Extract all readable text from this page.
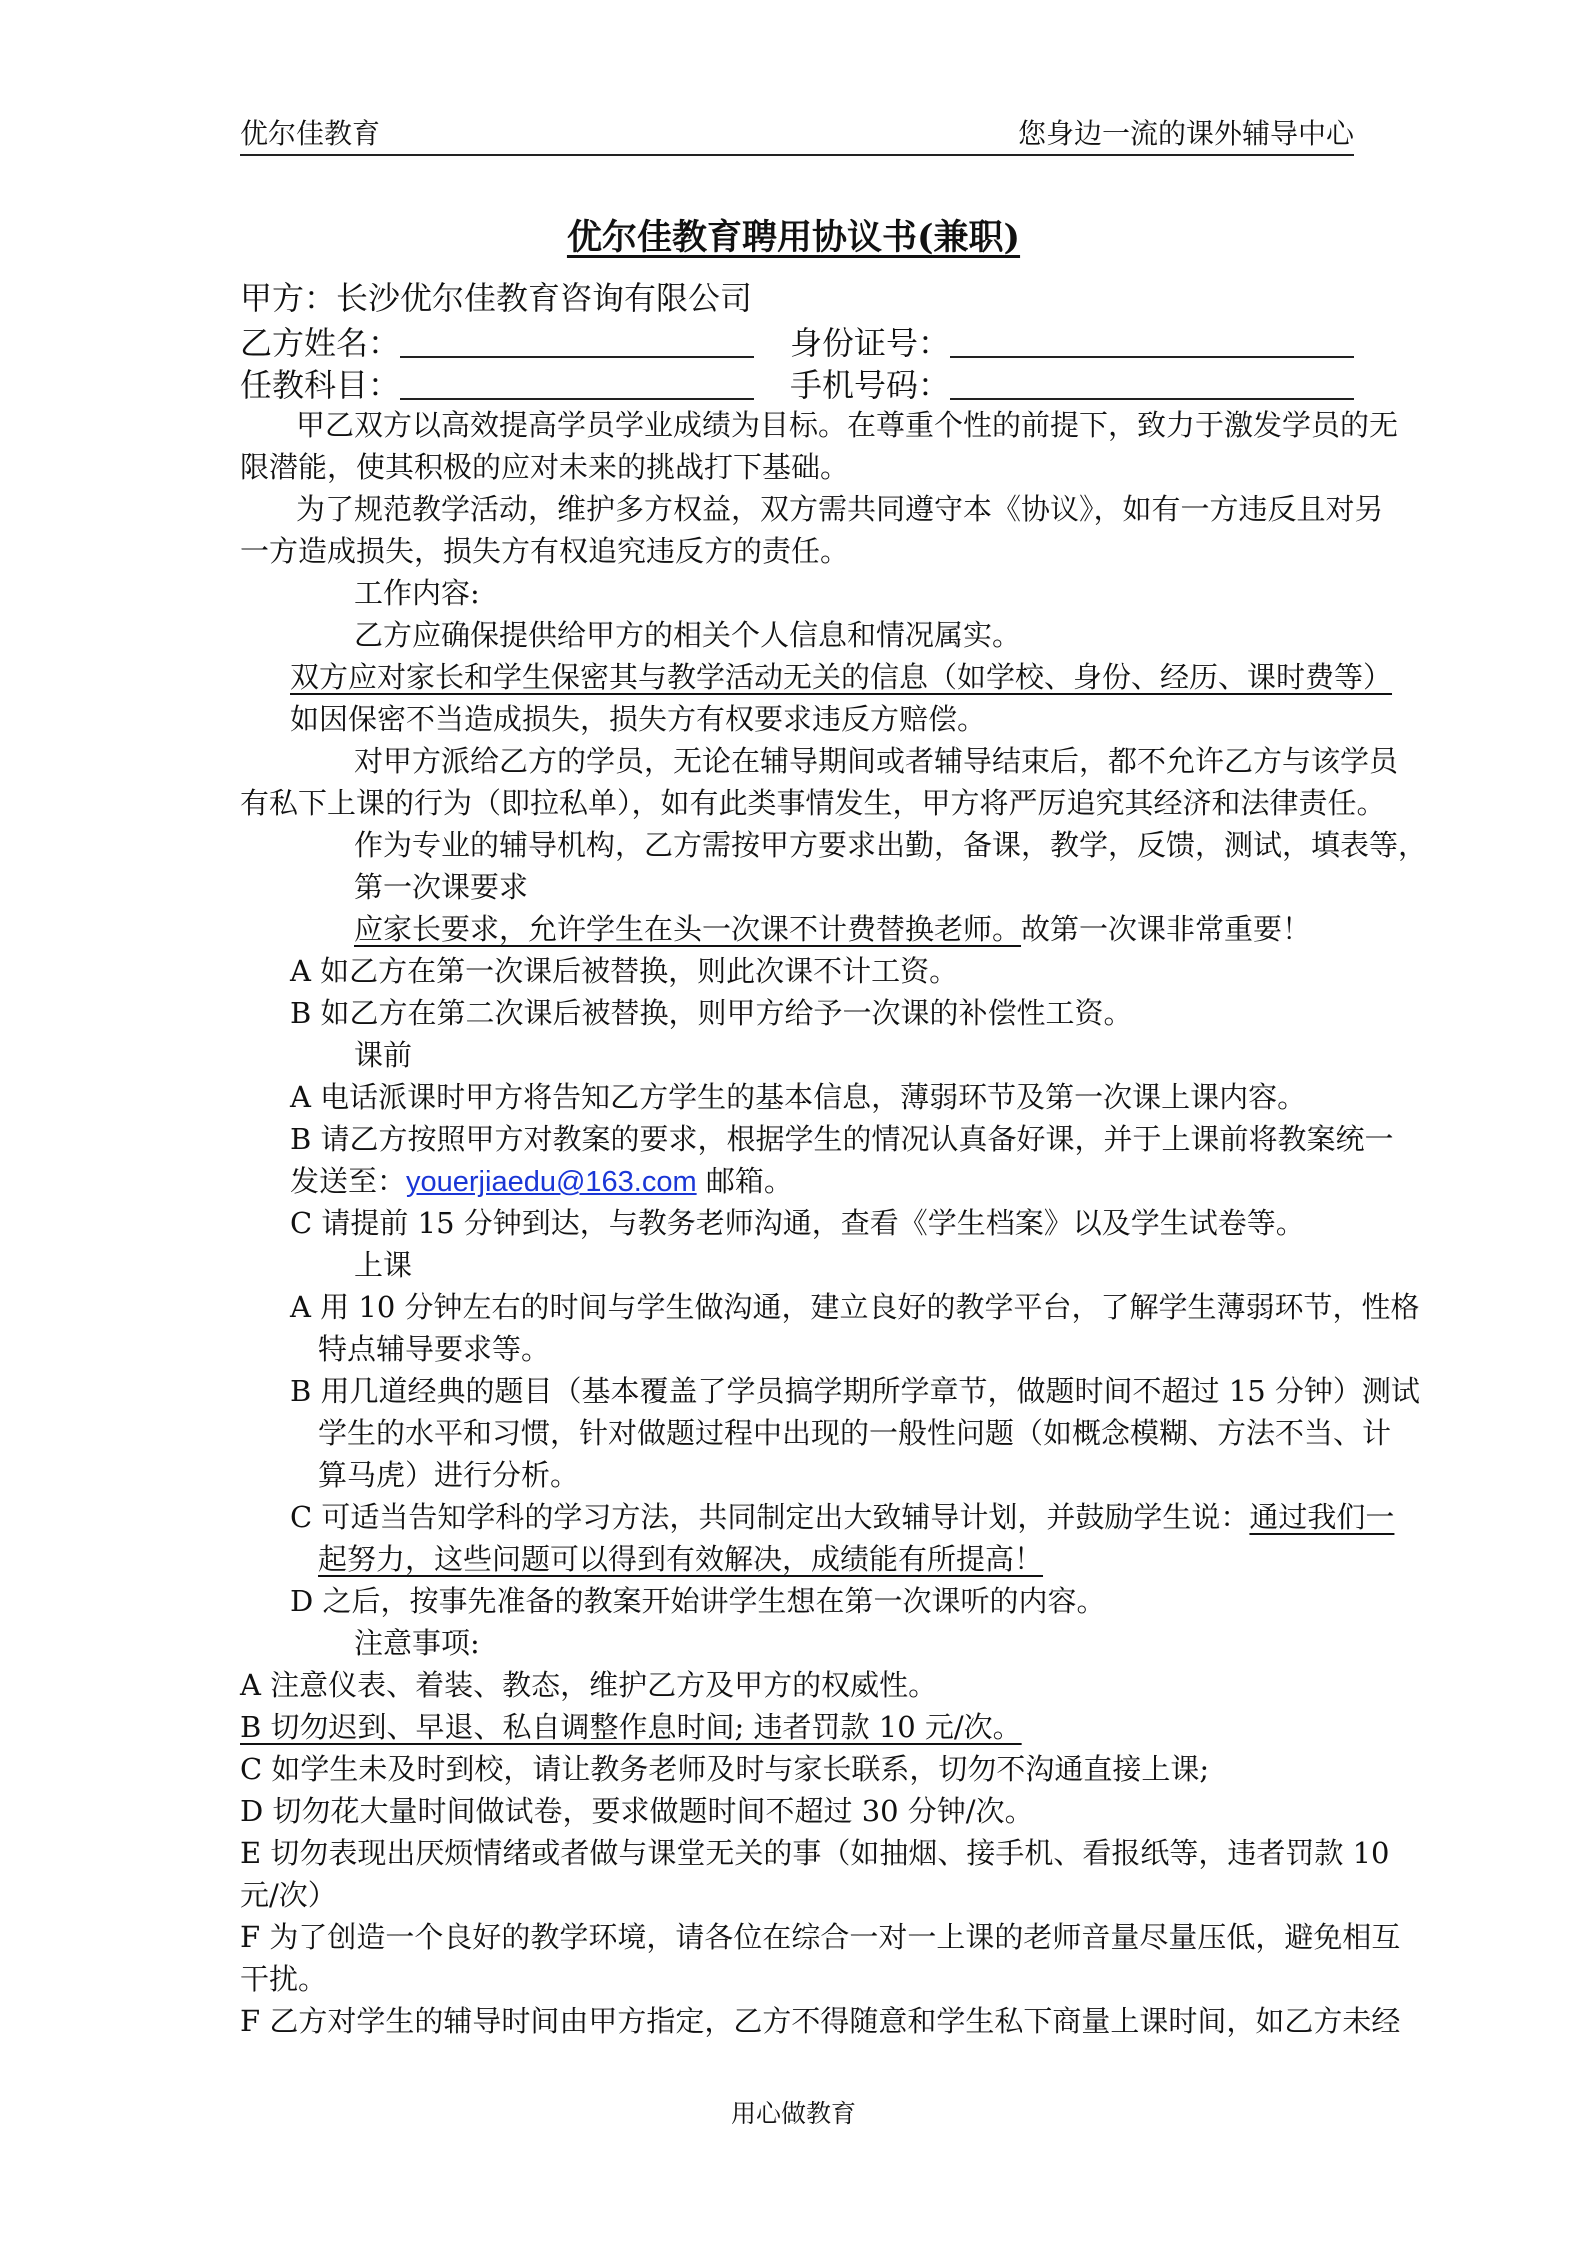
优尔佳教育	您身边一流的课外辅导中心
优尔佳教育聘用协议书(兼职)
甲方：长沙优尔佳教育咨询有限公司
乙方姓名：	身份证号：
任教科目：	手机号码：
甲乙双方以高效提高学员学业成绩为目标。在尊重个性的前提下，致力于激发学员的无
限潜能，使其积极的应对未来的挑战打下基础。
为了规范教学活动，维护多方权益，双方需共同遵守本《协议》，如有一方违反且对另
一方造成损失，损失方有权追究违反方的责任。
工作内容:
乙方应确保提供给甲方的相关个人信息和情况属实。
双方应对家长和学生保密其与教学活动无关的信息（如学校、身份、经历、课时费等）
如因保密不当造成损失，损失方有权要求违反方赔偿。
对甲方派给乙方的学员，无论在辅导期间或者辅导结束后，都不允许乙方与该学员
有私下上课的行为（即拉私单），如有此类事情发生，甲方将严厉追究其经济和法律责任。
作为专业的辅导机构，乙方需按甲方要求出勤，备课，教学，反馈，测试，填表等，
第一次课要求
应家长要求，允许学生在头一次课不计费替换老师。故第一次课非常重要！
A 如乙方在第一次课后被替换，则此次课不计工资。
B 如乙方在第二次课后被替换，则甲方给予一次课的补偿性工资。
课前
A 电话派课时甲方将告知乙方学生的基本信息，薄弱环节及第一次课上课内容。
B 请乙方按照甲方对教案的要求，根据学生的情况认真备好课，并于上课前将教案统一
发送至：youerjiaedu@163.com 邮箱。
C 请提前 15 分钟到达，与教务老师沟通，查看《学生档案》以及学生试卷等。
上课
A 用 10 分钟左右的时间与学生做沟通，建立良好的教学平台，了解学生薄弱环节，性格
特点辅导要求等。
B 用几道经典的题目（基本覆盖了学员搞学期所学章节，做题时间不超过 15 分钟）测试
学生的水平和习惯，针对做题过程中出现的一般性问题（如概念模糊、方法不当、计
算马虎）进行分析。
C 可适当告知学科的学习方法，共同制定出大致辅导计划，并鼓励学生说：通过我们一
起努力，这些问题可以得到有效解决，成绩能有所提高！
D 之后，按事先准备的教案开始讲学生想在第一次课听的内容。
注意事项:
A 注意仪表、着装、教态，维护乙方及甲方的权威性。
B 切勿迟到、早退、私自调整作息时间; 违者罚款 10 元/次。
C 如学生未及时到校，请让教务老师及时与家长联系，切勿不沟通直接上课;
D 切勿花大量时间做试卷，要求做题时间不超过 30 分钟/次。
E 切勿表现出厌烦情绪或者做与课堂无关的事（如抽烟、接手机、看报纸等，违者罚款 10
元/次）
F 为了创造一个良好的教学环境，请各位在综合一对一上课的老师音量尽量压低，避免相互
干扰。
F 乙方对学生的辅导时间由甲方指定，乙方不得随意和学生私下商量上课时间，如乙方未经
用心做教育
